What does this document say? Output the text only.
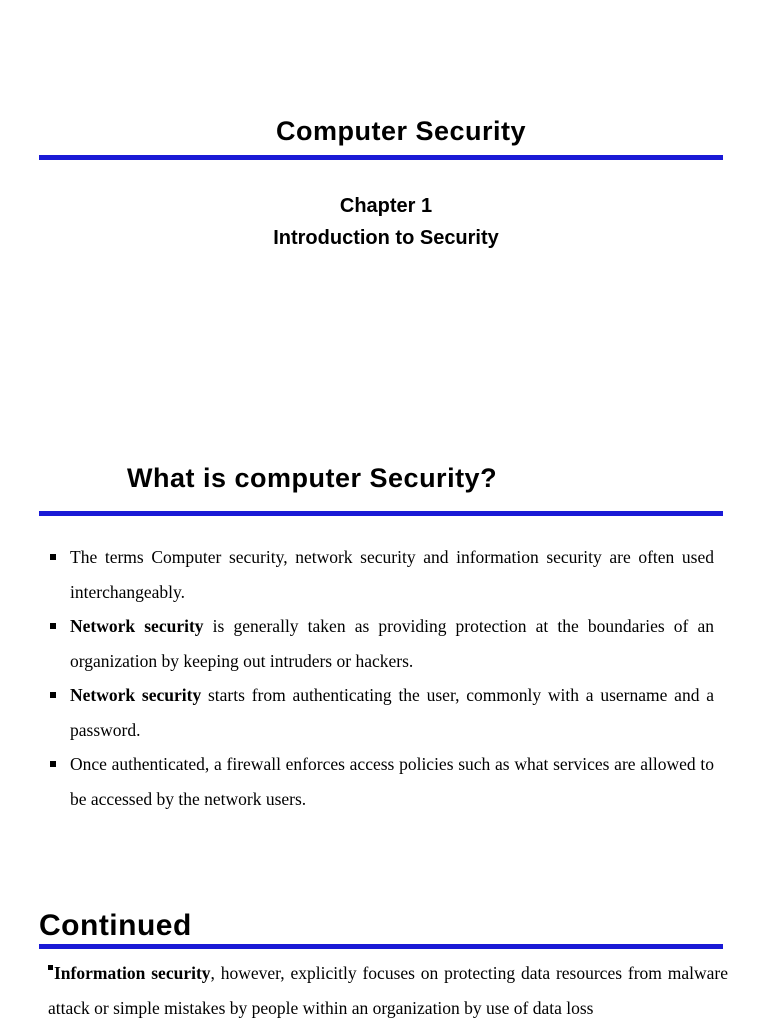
Computer Security
Chapter 1
Introduction to Security
What is computer Security?
The terms Computer security, network security and information security are often used interchangeably.
Network security is generally taken as providing protection at the boundaries of an organization by keeping out intruders or hackers.
Network security starts from authenticating the user, commonly with a username and a password.
Once authenticated, a firewall enforces access policies such as what services are allowed to be accessed by the network users.
Continued

Information security, however, explicitly focuses on protecting data resources from malware attack or simple mistakes by people within an organization by use of data loss
